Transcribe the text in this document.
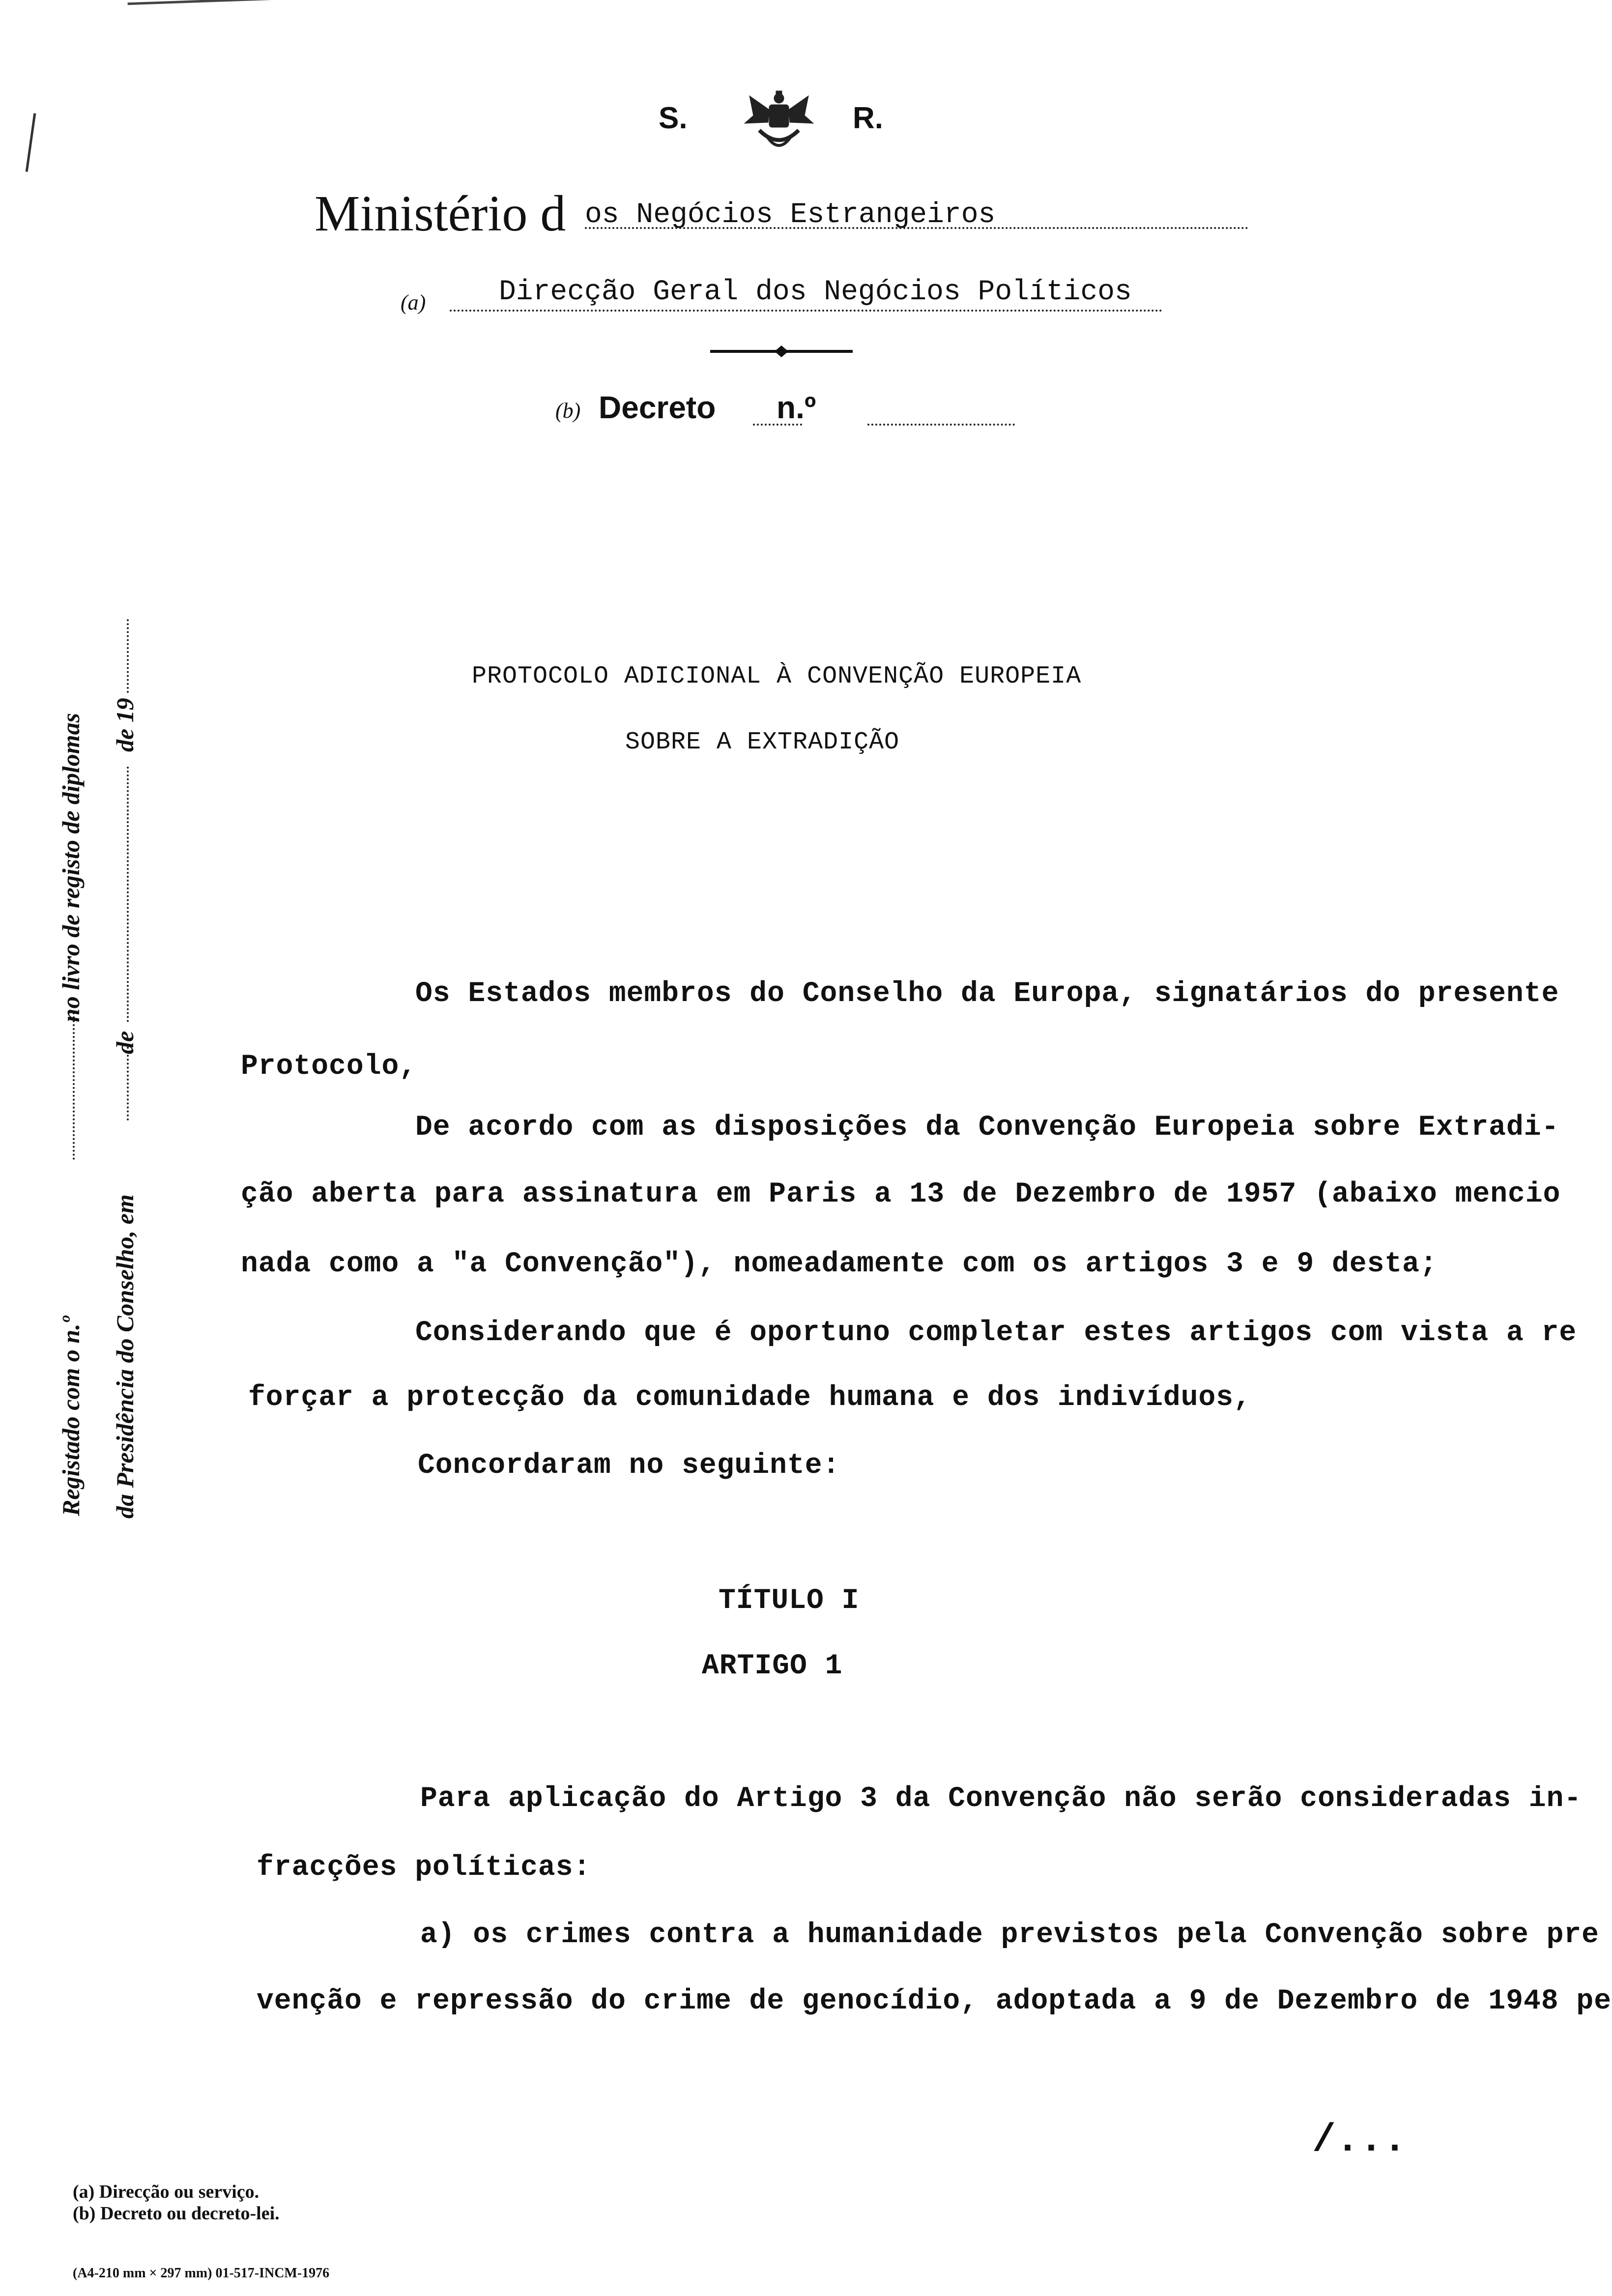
S.	R.
Ministério d os Negócios Estrangeiros
(a)	Direcção Geral dos Negócios Políticos
(b) Decreto n.º
Registado com o n.º
no livro de registo de diplomas
da Presidência do Conselho, em
de
de 19
PROTOCOLO ADICIONAL À CONVENÇÃO EUROPEIA
SOBRE A EXTRADIÇÃO
Os Estados membros do Conselho da Europa, signatários do presente
Protocolo,
De acordo com as disposições da Convenção Europeia sobre Extradi-
ção aberta para assinatura em Paris a 13 de Dezembro de 1957 (abaixo mencio
nada como a "a Convenção"), nomeadamente com os artigos 3 e 9 desta;
Considerando que é oportuno completar estes artigos com vista a re
forçar a protecção da comunidade humana e dos indivíduos,
Concordaram no seguinte:
TÍTULO I
ARTIGO 1
Para aplicação do Artigo 3 da Convenção não serão consideradas in-
fracções políticas:
a) os crimes contra a humanidade previstos pela Convenção sobre pre
venção e repressão do crime de genocídio, adoptada a 9 de Dezembro de 1948 pe
/...
(a) Direcção ou serviço.
(b) Decreto ou decreto-lei.
(A4-210 mm × 297 mm) 01-517-INCM-1976
